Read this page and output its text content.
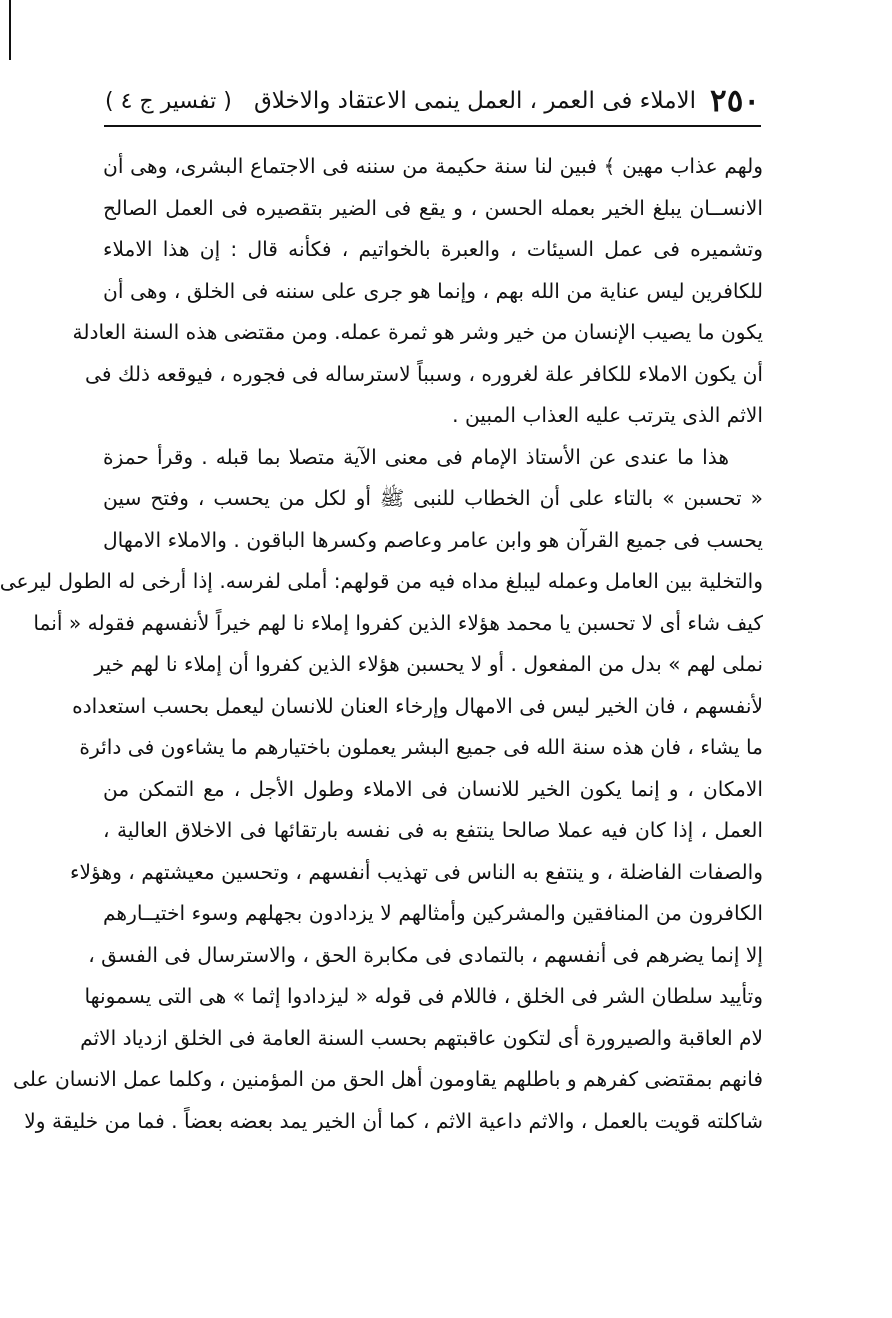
٢٥٠
الاملاء فى العمر ، العمل ينمى الاعتقاد والاخلاق
( تفسير ج ٤ )
ولهم عذاب مهين ﴾ فبين لنا سنة حكيمة من سننه فى الاجتماع البشرى، وهى أن
الانســان يبلغ الخير بعمله الحسن ، و يقع فى الضير بتقصيره فى العمل الصالح
وتشميره فى عمل السيئات ، والعبرة بالخواتيم ، فكأنه قال : إن هذا الاملاء
للكافرين ليس عناية من الله بهم ، وإنما هو جرى على سننه فى الخلق ، وهى أن
يكون ما يصيب الإنسان من خير وشر هو ثمرة عمله. ومن مقتضى هذه السنة العادلة
أن يكون الاملاء للكافر علة لغروره ، وسبباً لاسترساله فى فجوره ، فيوقعه ذلك فى
الاثم الذى يترتب عليه العذاب المبين .
هذا ما عندى عن الأستاذ الإمام فى معنى الآية متصلا بما قبله . وقرأ حمزة
« تحسبن » بالتاء على أن الخطاب للنبى ﷺ أو لكل من يحسب ، وفتح سين
يحسب فى جميع القرآن هو وابن عامر وعاصم وكسرها الباقون . والاملاء الامهال
والتخلية بين العامل وعمله ليبلغ مداه فيه من قولهم: أملى لفرسه. إذا أرخى له الطول ليرعى
كيف شاء أى لا تحسبن يا محمد هؤلاء الذين كفروا إملاء نا لهم خيراً لأنفسهم فقوله « أنما
نملى لهم » بدل من المفعول . أو لا يحسبن هؤلاء الذين كفروا أن إملاء نا لهم خير
لأنفسهم ، فان الخير ليس فى الامهال وإرخاء العنان للانسان ليعمل بحسب استعداده
ما يشاء ، فان هذه سنة الله فى جميع البشر يعملون باختيارهم ما يشاءون فى دائرة
الامكان ، و إنما يكون الخير للانسان فى الاملاء وطول الأجل ، مع التمكن من
العمل ، إذا كان فيه عملا صالحا ينتفع به فى نفسه بارتقائها فى الاخلاق العالية ،
والصفات الفاضلة ، و ينتفع به الناس فى تهذيب أنفسهم ، وتحسين معيشتهم ، وهؤلاء
الكافرون من المنافقين والمشركين وأمثالهم لا يزدادون بجهلهم وسوء اختيــارهم
إلا إنما يضرهم فى أنفسهم ، بالتمادى فى مكابرة الحق ، والاسترسال فى الفسق ،
وتأييد سلطان الشر فى الخلق ، فاللام فى قوله « ليزدادوا إثما » هى التى يسمونها
لام العاقبة والصيرورة أى لتكون عاقبتهم بحسب السنة العامة فى الخلق ازدياد الاثم
فانهم بمقتضى كفرهم و باطلهم يقاومون أهل الحق من المؤمنين ، وكلما عمل الانسان على
شاكلته قويت بالعمل ، والاثم داعية الاثم ، كما أن الخير يمد بعضه بعضاً . فما من خليقة ولا
